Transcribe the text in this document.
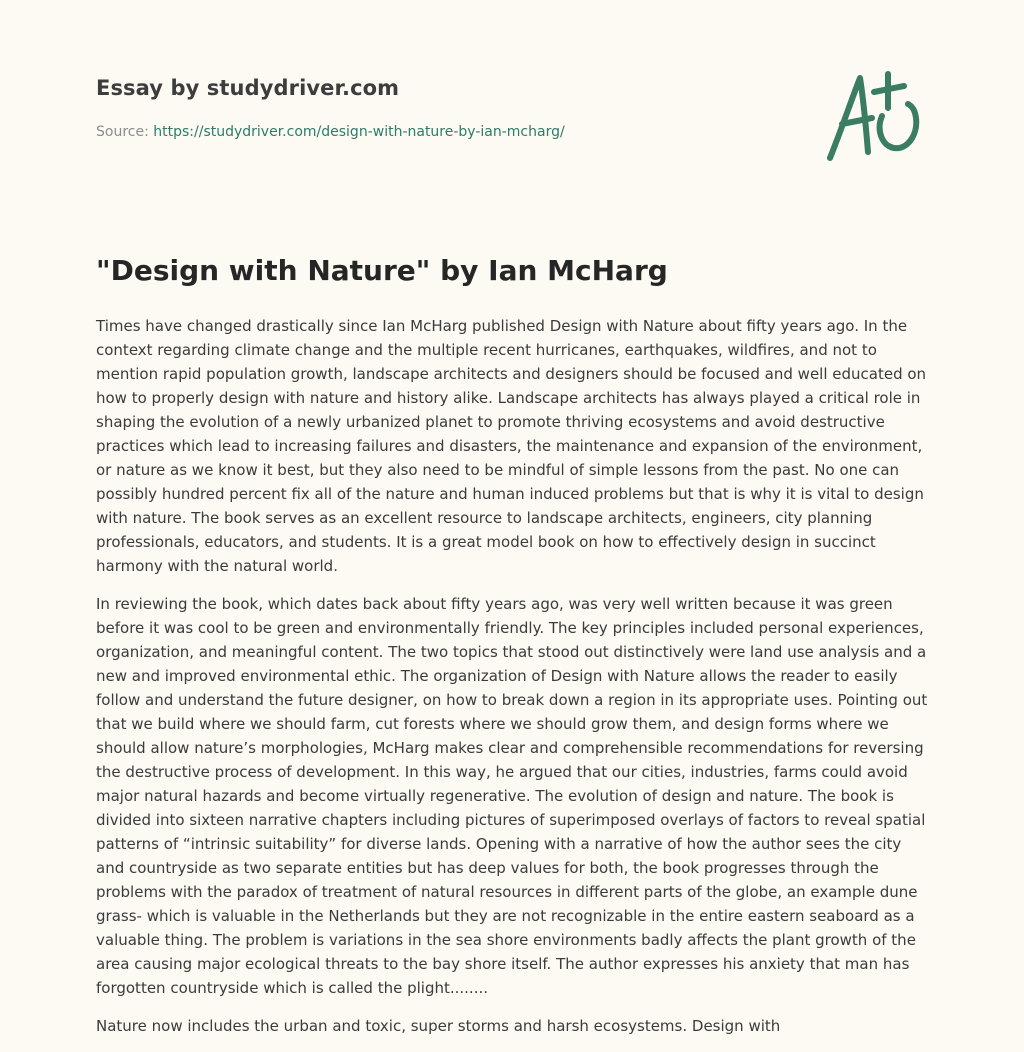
Essay by studydriver.com
Source: https://studydriver.com/design-with-nature-by-ian-mcharg/
"Design with Nature" by Ian McHarg

Times have changed drastically since Ian McHarg published Design with Nature about fifty years ago. In the context regarding climate change and the multiple recent hurricanes, earthquakes, wildfires, and not to mention rapid population growth, landscape architects and designers should be focused and well educated on how to properly design with nature and history alike. Landscape architects has always played a critical role in shaping the evolution of a newly urbanized planet to promote thriving ecosystems and avoid destructive practices which lead to increasing failures and disasters, the maintenance and expansion of the environment, or nature as we know it best, but they also need to be mindful of simple lessons from the past. No one can possibly hundred percent fix all of the nature and human induced problems but that is why it is vital to design with nature. The book serves as an excellent resource to landscape architects, engineers, city planning professionals, educators, and students. It is a great model book on how to effectively design in succinct harmony with the natural world.

In reviewing the book, which dates back about fifty years ago, was very well written because it was green before it was cool to be green and environmentally friendly. The key principles included personal experiences, organization, and meaningful content. The two topics that stood out distinctively were land use analysis and a new and improved environmental ethic. The organization of Design with Nature allows the reader to easily follow and understand the future designer, on how to break down a region in its appropriate uses. Pointing out that we build where we should farm, cut forests where we should grow them, and design forms where we should allow nature’s morphologies, McHarg makes clear and comprehensible recommendations for reversing the destructive process of development. In this way, he argued that our cities, industries, farms could avoid major natural hazards and become virtually regenerative. The evolution of design and nature. The book is divided into sixteen narrative chapters including pictures of superimposed overlays of factors to reveal spatial patterns of “intrinsic suitability” for diverse lands. Opening with a narrative of how the author sees the city and countryside as two separate entities but has deep values for both, the book progresses through the problems with the paradox of treatment of natural resources in different parts of the globe, an example dune grass- which is valuable in the Netherlands but they are not recognizable in the entire eastern seaboard as a valuable thing. The problem is variations in the sea shore environments badly affects the plant growth of the area causing major ecological threats to the bay shore itself. The author expresses his anxiety that man has forgotten countryside which is called the plight........

Nature now includes the urban and toxic, super storms and harsh ecosystems. Design with
